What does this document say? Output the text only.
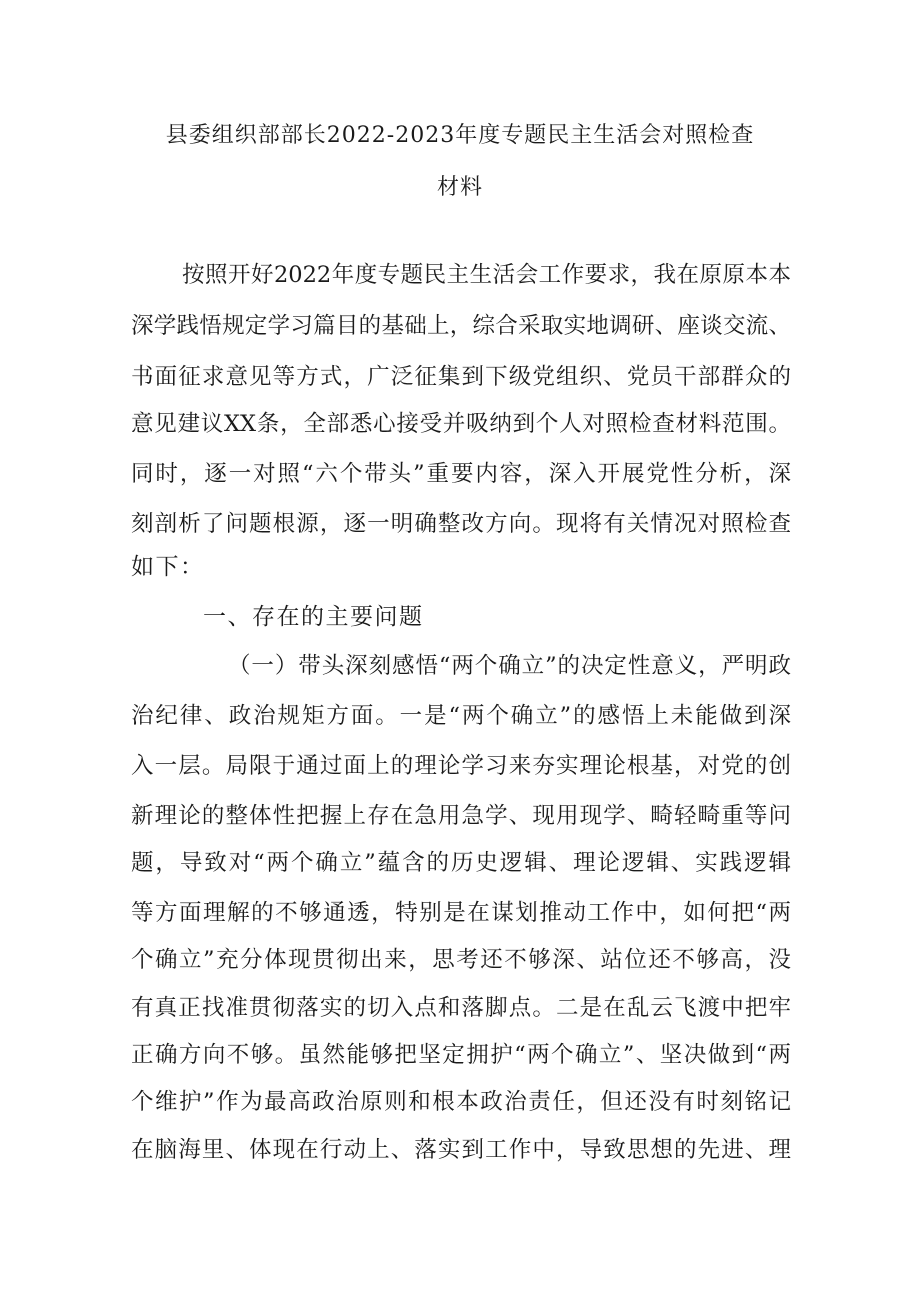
县委组织部部长2022-2023年度专题民主生活会对照检查
材料
按照开好2022年度专题民主生活会工作要求，我在原原本本
深学践悟规定学习篇目的基础上，综合采取实地调研、座谈交流、
书面征求意见等方式，广泛征集到下级党组织、党员干部群众的
意见建议XX条，全部悉心接受并吸纳到个人对照检查材料范围。
同时，逐一对照“六个带头”重要内容，深入开展党性分析，深
刻剖析了问题根源，逐一明确整改方向。现将有关情况对照检查
如下：
一、存在的主要问题
（一）带头深刻感悟“两个确立”的决定性意义，严明政
治纪律、政治规矩方面。一是“两个确立”的感悟上未能做到深
入一层。局限于通过面上的理论学习来夯实理论根基，对党的创
新理论的整体性把握上存在急用急学、现用现学、畸轻畸重等问
题，导致对“两个确立”蕴含的历史逻辑、理论逻辑、实践逻辑
等方面理解的不够通透，特别是在谋划推动工作中，如何把“两
个确立”充分体现贯彻出来，思考还不够深、站位还不够高，没
有真正找准贯彻落实的切入点和落脚点。二是在乱云飞渡中把牢
正确方向不够。虽然能够把坚定拥护“两个确立”、坚决做到“两
个维护”作为最高政治原则和根本政治责任，但还没有时刻铭记
在脑海里、体现在行动上、落实到工作中，导致思想的先进、理
